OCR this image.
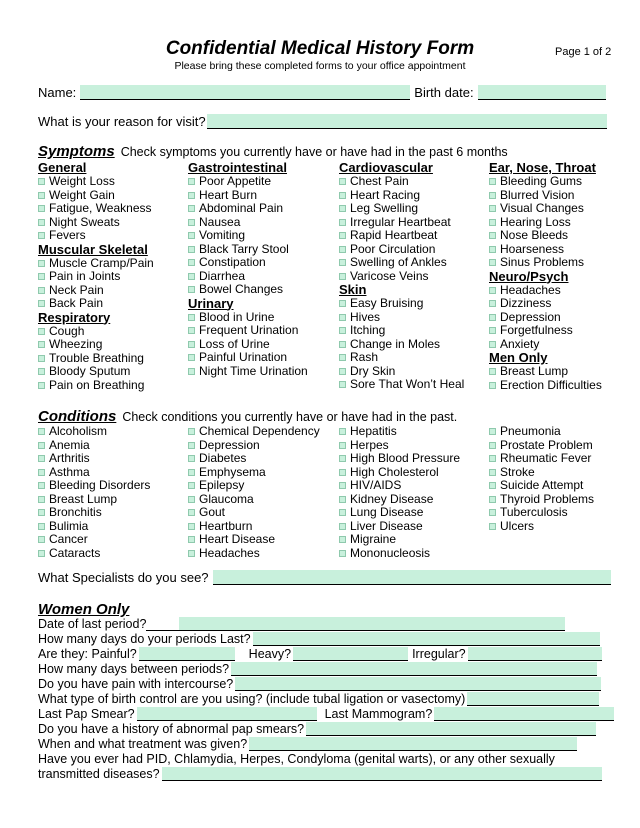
Confidential Medical History Form	Page 1 of 2
Please bring these completed forms to your office appointment
Name:	Birth date:
What is your reason for visit?
Symptoms Check symptoms you currently have or have had in the past 6 months
General
Weight Loss
Weight Gain
Fatigue, Weakness
Night Sweats
Fevers
Muscular Skeletal
Muscle Cramp/Pain
Pain in Joints
Neck Pain
Back Pain
Respiratory
Cough
Wheezing
Trouble Breathing
Bloody Sputum
Pain on Breathing
Gastrointestinal
Poor Appetite
Heart Burn
Abdominal Pain
Nausea
Vomiting
Black Tarry Stool
Constipation
Diarrhea
Bowel Changes
Urinary
Blood in Urine
Frequent Urination
Loss of Urine
Painful Urination
Night Time Urination
Cardiovascular
Chest Pain
Heart Racing
Leg Swelling
Irregular Heartbeat
Rapid Heartbeat
Poor Circulation
Swelling of Ankles
Varicose Veins
Skin
Easy Bruising
Hives
Itching
Change in Moles
Rash
Dry Skin
Sore That Won’t Heal
Ear, Nose, Throat
Bleeding Gums
Blurred Vision
Visual Changes
Hearing Loss
Nose Bleeds
Hoarseness
Sinus Problems
Neuro/Psych
Headaches
Dizziness
Depression
Forgetfulness
Anxiety
Men Only
Breast Lump
Erection Difficulties
Conditions Check conditions you currently have or have had in the past.
Alcoholism
Anemia
Arthritis
Asthma
Bleeding Disorders
Breast Lump
Bronchitis
Bulimia
Cancer
Cataracts
Chemical Dependency
Depression
Diabetes
Emphysema
Epilepsy
Glaucoma
Gout
Heartburn
Heart Disease
Headaches
Hepatitis
Herpes
High Blood Pressure
High Cholesterol
HIV/AIDS
Kidney Disease
Lung Disease
Liver Disease
Migraine
Mononucleosis
Pneumonia
Prostate Problem
Rheumatic Fever
Stroke
Suicide Attempt
Thyroid Problems
Tuberculosis
Ulcers
What Specialists do you see?
Women Only
Date of last period?
How many days do your periods Last?
Are they: Painful?	Heavy?	Irregular?
How many days between periods?
Do you have pain with intercourse?
What type of birth control are you using? (include tubal ligation or vasectomy)
Last Pap Smear?	Last Mammogram?
Do you have a history of abnormal pap smears?
When and what treatment was given?
Have you ever had PID, Chlamydia, Herpes, Condyloma (genital warts), or any other sexually
transmitted diseases?
